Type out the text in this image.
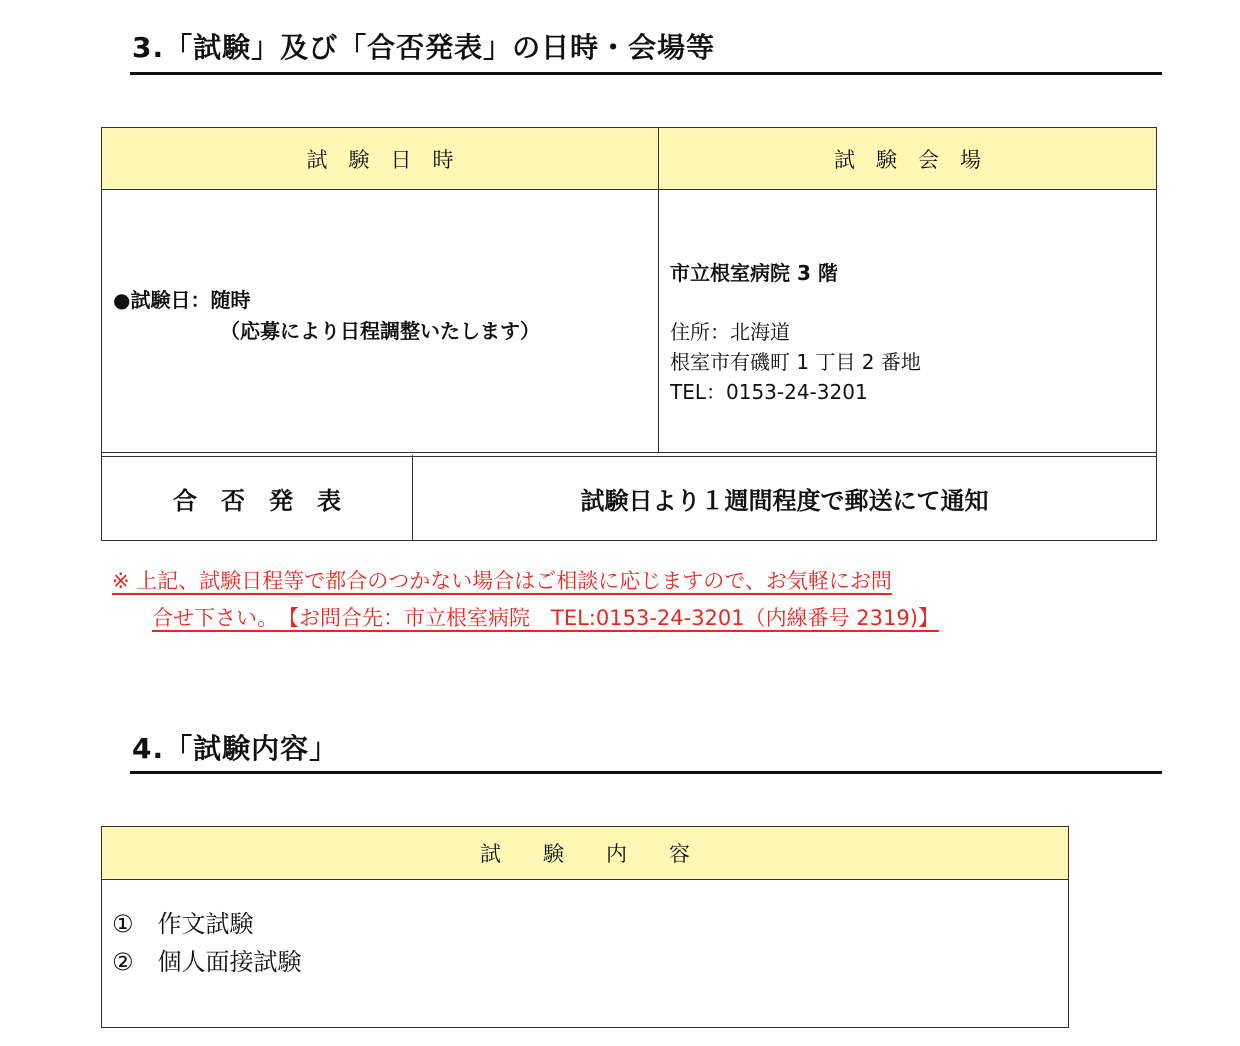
3.「試験」及び「合否発表」の日時・会場等
試　験　日　時	試　験　会　場
●試験日：随時
（応募により日程調整いたします）
市立根室病院 3 階
住所：北海道
根室市有磯町 1 丁目 2 番地
TEL：0153-24-3201
合　否　発　表	試験日より１週間程度で郵送にて通知
※ 上記、試験日程等で都合のつかない場合はご相談に応じますので、お気軽にお問
合せ下さい。　【お問合先：市立根室病院　TEL:0153-24-3201（内線番号 2319)】
4.「試験内容」
試　　験　　内　　容
①　 作文試験
②　 個人面接試験
